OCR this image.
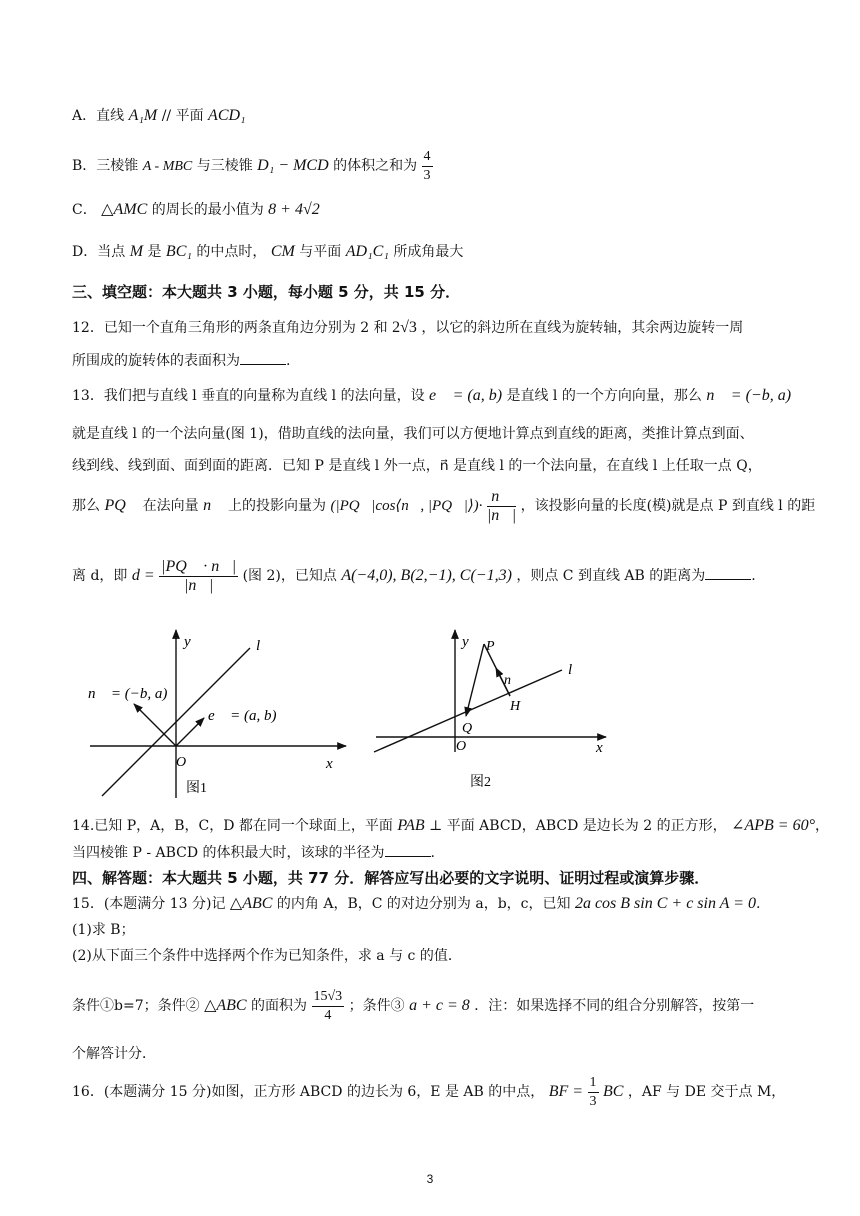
A．直线 A₁M // 平面 ACD₁
B．三棱锥 A - MBC 与三棱锥 D₁ − MCD 的体积之和为 $\frac{4}{3}$
C． △AMC 的周长的最小值为 8 + 4√2
D．当点 M 是 BC₁ 的中点时， CM 与平面 AD₁C₁ 所成角最大
三、填空题：本大题共 3 小题，每小题 5 分，共 15 分．
12．已知一个直角三角形的两条直角边分别为 2 和 2√3 ，以它的斜边所在直线为旋转轴，其余两边旋转一周
所围成的旋转体的表面积为	.
13．我们把与直线 l 垂直的向量称为直线 l 的法向量，设 e⃗ = (a, b) 是直线 l 的一个方向向量，那么 n⃗ = (−b, a)
就是直线 l 的一个法向量(图 1)，借助直线的法向量，我们可以方便地计算点到直线的距离，类推计算点到面、
线到线、线到面、面到面的距离．已知 P 是直线 l 外一点，n⃗ 是直线 l 的一个法向量，在直线 l 上任取一点 Q，
那么 PQ⃗ 在法向量 n⃗ 上的投影向量为 (|PQ⃗|cos⟨n⃗, |PQ⃗|⟩)· $\frac{n⃗}{|n⃗|}$ ，该投影向量的长度(模)就是点 P 到直线 l 的距
离 d，即 $d = \frac{|PQ⃗ \cdot n⃗|}{|n⃗|}$ (图 2)，已知点 A(−4,0), B(2,−1), C(−1,3) ，则点 C 到直线 AB 的距离为	.
y
x
l
O
n⃗ = (−b, a)
e⃗ = (a, b)
图1
y
x
l
O
P
Q
H
n⃗
图2
14.已知 P，A，B，C，D 都在同一个球面上，平面 PAB ⊥ 平面 ABCD，ABCD 是边长为 2 的正方形， ∠APB = 60°，
当四棱锥 P - ABCD 的体积最大时，该球的半径为	.
四、解答题：本大题共 5 小题，共 77 分．解答应写出必要的文字说明、证明过程或演算步骤．
15．(本题满分 13 分)记 △ABC 的内角 A，B，C 的对边分别为 a，b，c，已知 2a cos B sin C + c sin A = 0.
(1)求 B；
(2)从下面三个条件中选择两个作为已知条件，求 a 与 c 的值．
条件①b=7；条件② △ABC 的面积为 $\frac{15√3}{4}$ ；条件③ a + c = 8 ．注：如果选择不同的组合分别解答，按第一
个解答计分．
16．(本题满分 15 分)如图，正方形 ABCD 的边长为 6，E 是 AB 的中点， BF = $\frac{1}{3}$ BC ，AF 与 DE 交于点 M，
3
